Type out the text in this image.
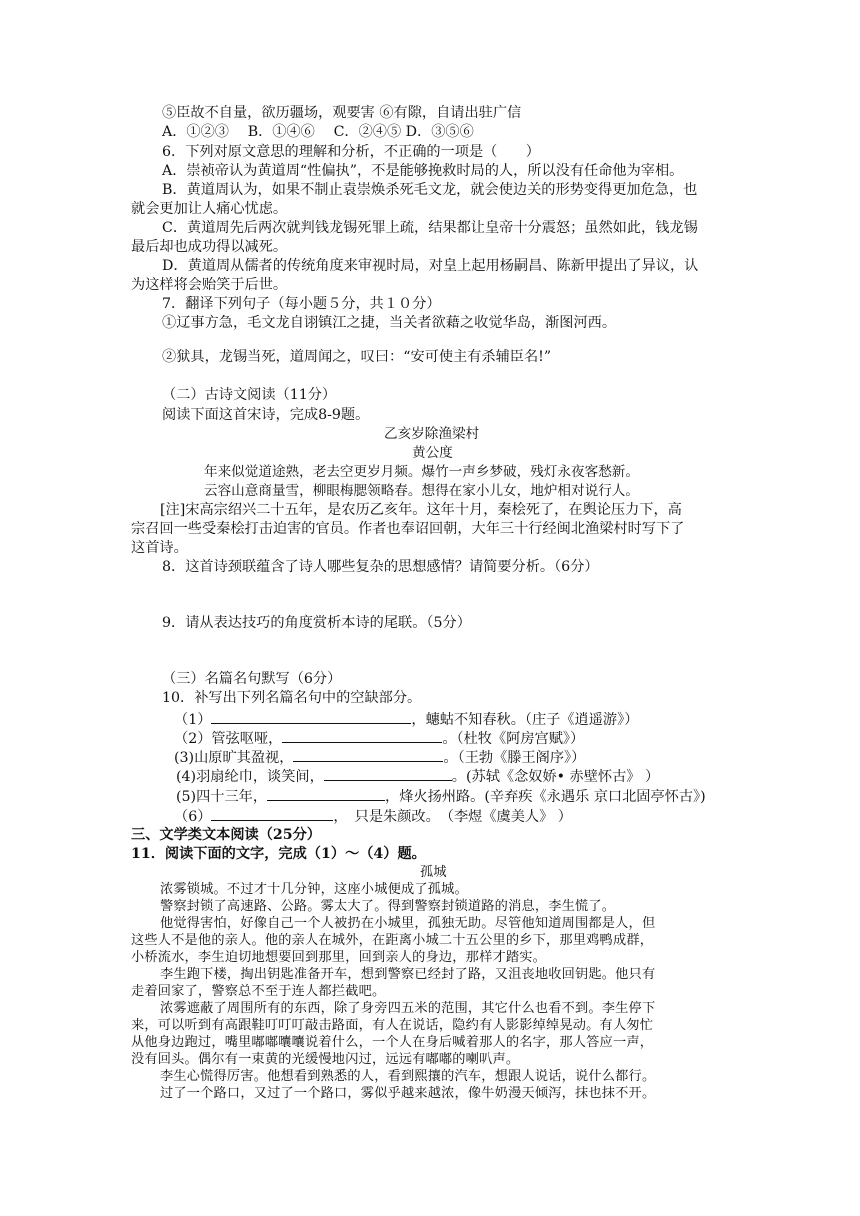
⑤臣故不自量，欲历疆场，观要害 ⑥有隙，自请出驻广信
A．①②③　 B．①④⑥　 C．②④⑤ D．③⑤⑥
6．下列对原文意思的理解和分析，不正确的一项是（　　）
A．崇祯帝认为黄道周“性偏执”，不是能够挽救时局的人，所以没有任命他为宰相。
B．黄道周认为，如果不制止袁崇焕杀死毛文龙，就会使边关的形势变得更加危急，也
就会更加让人痛心忧虑。
C．黄道周先后两次就判钱龙锡死罪上疏，结果都让皇帝十分震怒；虽然如此，钱龙锡
最后却也成功得以减死。
D．黄道周从儒者的传统角度来审视时局，对皇上起用杨嗣昌、陈新甲提出了异议，认
为这样将会贻笑于后世。
7．翻译下列句子（每小题５分，共１０分）
①辽事方急，毛文龙自诩镇江之捷，当关者欲藉之收觉华岛，渐图河西。
②狱具，龙锡当死，道周闻之，叹曰：“安可使主有杀辅臣名!”
（二）古诗文阅读（11分）
阅读下面这首宋诗，完成8-9题。
乙亥岁除渔梁村
黄公度
年来似觉道途熟，老去空更岁月频。爆竹一声乡梦破，残灯永夜客愁新。
云容山意商量雪，柳眼梅腮领略春。想得在家小儿女，地炉相对说行人。
[注]宋高宗绍兴二十五年，是农历乙亥年。这年十月，秦桧死了，在舆论压力下，高
宗召回一些受秦桧打击迫害的官员。作者也奉诏回朝，大年三十行经闽北渔梁村时写下了
这首诗。
8．这首诗颈联蕴含了诗人哪些复杂的思想感情？请简要分析。（6分）
9．请从表达技巧的角度赏析本诗的尾联。（5分）
（三）名篇名句默写（6分）
10．补写出下列名篇名句中的空缺部分。
（1）	，蟪蛄不知春秋。（庄子《逍遥游》）
（2）管弦呕哑，	。（杜牧《阿房宫赋》）
(3)山原旷其盈视，	。（王勃《滕王阁序》）
(4)羽扇纶巾，谈笑间，	。(苏轼《念奴娇• 赤壁怀古》 ）
(5)四十三年，	，烽火扬州路。(辛弃疾《永遇乐 京口北固亭怀古》)
（6）	，　只是朱颜改。　（李煜《虞美人》 ）
三、文学类文本阅读（25分）
11．阅读下面的文字，完成（1）～（4）题。
孤城
浓雾锁城。不过才十几分钟，这座小城便成了孤城。
警察封锁了高速路、公路。雾太大了。得到警察封锁道路的消息，李生慌了。
他觉得害怕，好像自己一个人被扔在小城里，孤独无助。尽管他知道周围都是人，但
这些人不是他的亲人。他的亲人在城外，在距离小城二十五公里的乡下，那里鸡鸭成群，
小桥流水，李生迫切地想要回到那里，回到亲人的身边，那样才踏实。
李生跑下楼，掏出钥匙准备开车，想到警察已经封了路，又沮丧地收回钥匙。他只有
走着回家了，警察总不至于连人都拦截吧。
浓雾遮蔽了周围所有的东西，除了身旁四五米的范围，其它什么也看不到。李生停下
来，可以听到有高跟鞋叮叮叮敲击路面，有人在说话，隐约有人影影绰绰晃动。有人匆忙
从他身边跑过，嘴里嘟嘟囔囔说着什么，一个人在身后喊着那人的名字，那人答应一声，
没有回头。偶尔有一束黄的光缓慢地闪过，远远有嘟嘟的喇叭声。
李生心慌得厉害。他想看到熟悉的人，看到熙攘的汽车，想跟人说话，说什么都行。
过了一个路口，又过了一个路口，雾似乎越来越浓，像牛奶漫天倾泻，抹也抹不开。
